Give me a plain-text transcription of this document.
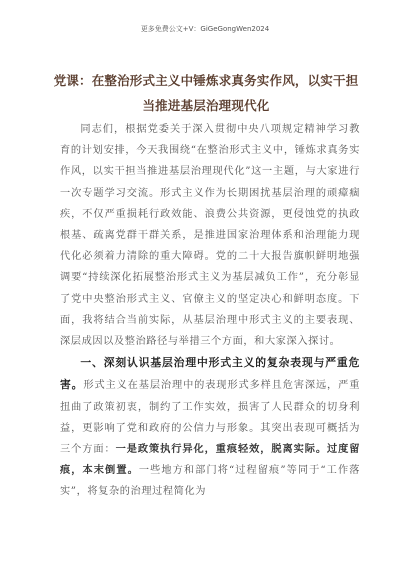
更多免费公文+V：GiGeGongWen2024
党课：在整治形式主义中锤炼求真务实作风，以实干担当推进基层治理现代化

同志们，根据党委关于深入贯彻中央八项规定精神学习教育的计划安排，今天我围绕“在整治形式主义中，锤炼求真务实作风，以实干担当推进基层治理现代化”这一主题，与大家进行一次专题学习交流。形式主义作为长期困扰基层治理的顽瘴痼疾，不仅严重损耗行政效能、浪费公共资源，更侵蚀党的执政根基、疏离党群干群关系，是推进国家治理体系和治理能力现代化必须着力清除的重大障碍。党的二十大报告旗帜鲜明地强调要“持续深化拓展整治形式主义为基层减负工作”，充分彰显了党中央整治形式主义、官僚主义的坚定决心和鲜明态度。下面，我将结合当前实际，从基层治理中形式主义的主要表现、深层成因以及整治路径与举措三个方面，和大家深入探讨。

一、深刻认识基层治理中形式主义的复杂表现与严重危害。形式主义在基层治理中的表现形式多样且危害深远，严重扭曲了政策初衷，制约了工作实效，损害了人民群众的切身利益，更影响了党和政府的公信力与形象。其突出表现可概括为三个方面：一是政策执行异化，重痕轻效，脱离实际。过度留痕，本末倒置。一些地方和部门将“过程留痕”等同于“工作落实”，将复杂的治理过程简化为
